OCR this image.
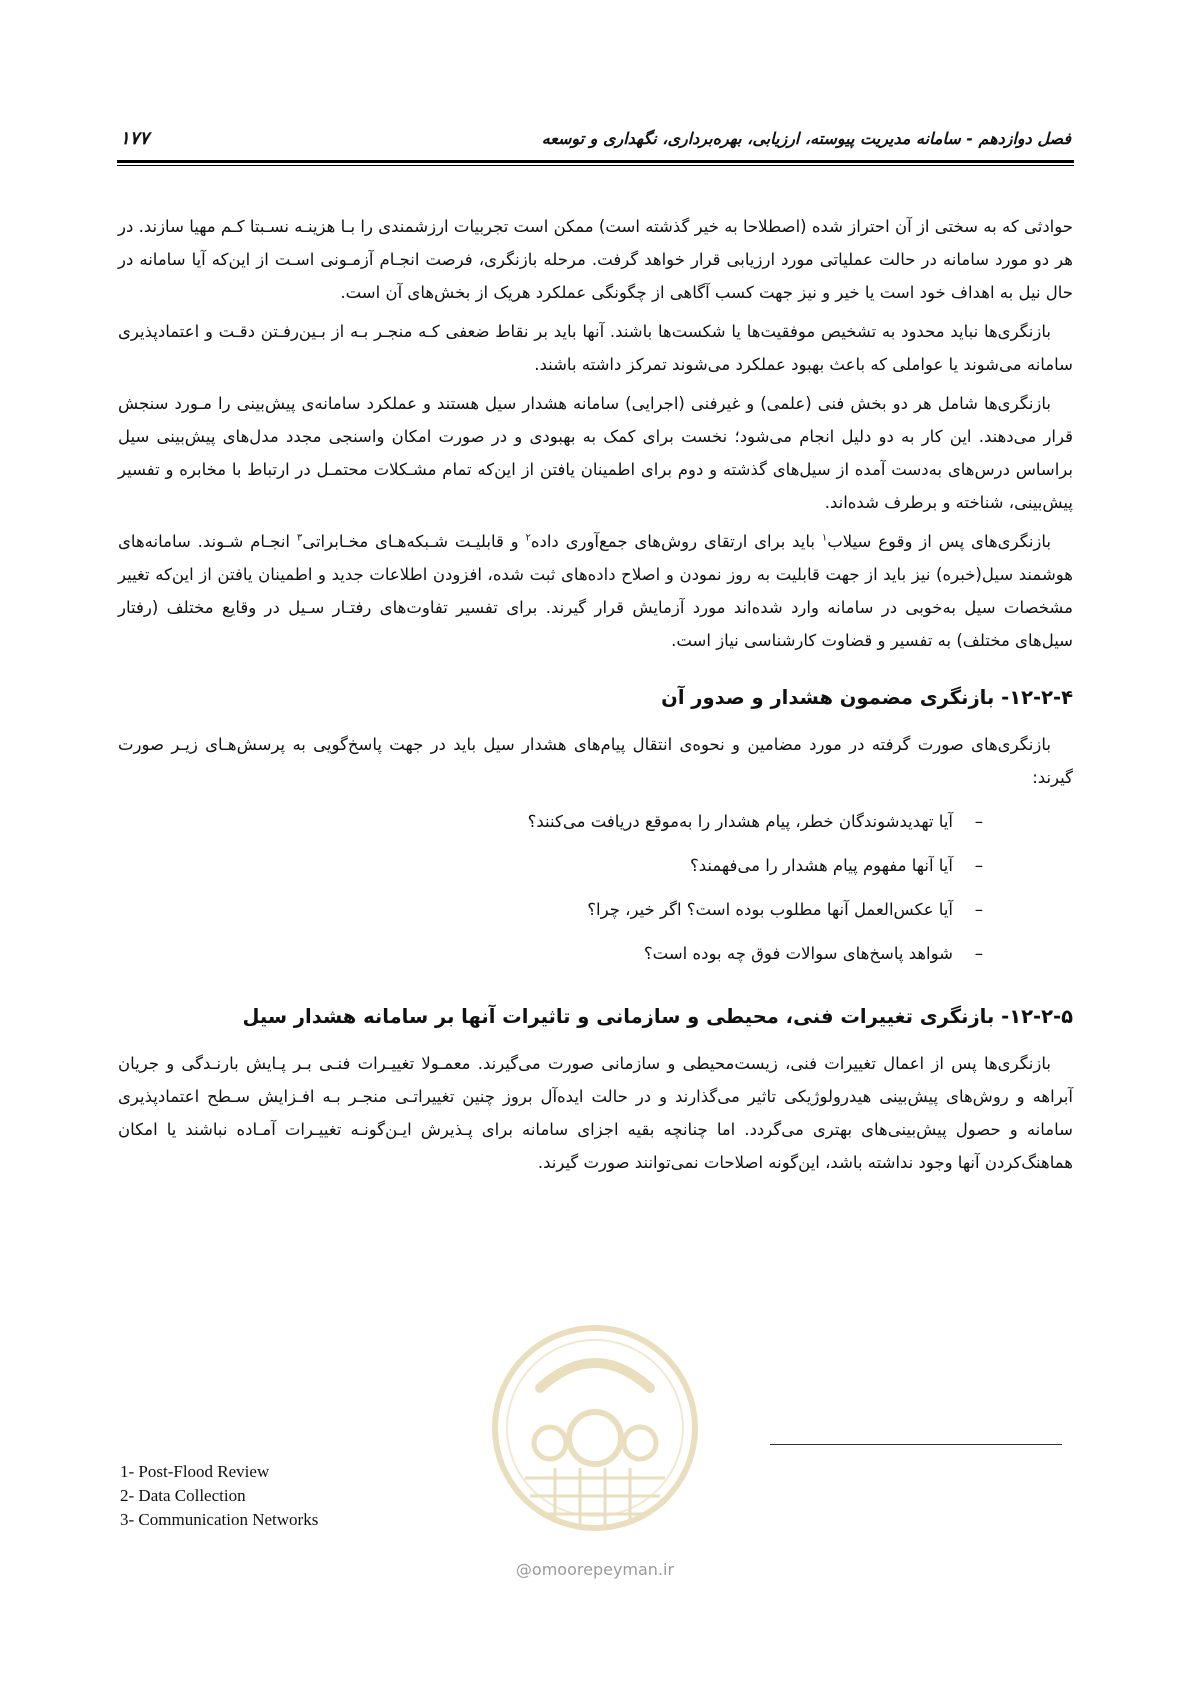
فصل دوازدهم - سامانه مدیریت پیوسته، ارزیابی، بهره‌برداری، نگهداری و توسعه
۱۷۷

حوادثی که به سختی از آن احتراز شده (اصطلاحا به خیر گذشته است) ممکن است تجربیات ارزشمندی را بـا هزینـه نسـبتا کـم مهیا سازند. در هر دو مورد سامانه در حالت عملیاتی مورد ارزیابی قرار خواهد گرفت. مرحله بازنگری، فرصت انجـام آزمـونی اسـت از این‌که آیا سامانه در حال نیل به اهداف خود است یا خیر و نیز جهت کسب آگاهی از چگونگی عملکرد هریک از بخش‌های آن است.

بازنگری‌ها نباید محدود به تشخیص موفقیت‌ها یا شکست‌ها باشند. آنها باید بر نقاط ضعفی کـه منجـر بـه از بـین‌رفـتن دقـت و اعتمادپذیری سامانه می‌شوند یا عواملی که باعث بهبود عملکرد می‌شوند تمرکز داشته باشند.

بازنگری‌ها شامل هر دو بخش فنی (علمی) و غیرفنی (اجرایی) سامانه هشدار سیل هستند و عملکرد سامانه‌ی پیش‌بینی را مـورد سنجش قرار می‌دهند. این کار به دو دلیل انجام می‌شود؛ نخست برای کمک به بهبودی و در صورت امکان واسنجی مجدد مدل‌های پیش‌بینی سیل براساس درس‌های به‌دست آمده از سیل‌های گذشته و دوم برای اطمینان یافتن از این‌که تمام مشـکلات محتمـل در ارتباط با مخابره و تفسیر پیش‌بینی، شناخته و برطرف شده‌اند.

بازنگری‌های پس از وقوع سیلاب$^۱$ باید برای ارتقای روش‌های جمع‌آوری داده$^۲$ و قابلیـت شـبکه‌هـای مخـابراتی$^۳$ انجـام شـوند. سامانه‌های هوشمند سیل(خبره) نیز باید از جهت قابلیت به روز نمودن و اصلاح داده‌های ثبت شده، افزودن اطلاعات جدید و اطمینان یافتن از این‌که تغییر مشخصات سیل به‌خوبی در سامانه وارد شده‌اند مورد آزمایش قرار گیرند. برای تفسیر تفاوت‌های رفتـار سـیل در وقایع مختلف (رفتار سیل‌های مختلف) به تفسیر و قضاوت کارشناسی نیاز است.

۱۲-۲-۴- بازنگری مضمون هشدار و صدور آن

بازنگری‌های صورت گرفته در مورد مضامین و نحوه‌ی انتقال پیام‌های هشدار سیل باید در جهت پاسخ‌گویی به پرسش‌هـای زیـر صورت گیرند:

–
آیا تهدیدشوندگان خطر، پیام هشدار را به‌موقع دریافت می‌کنند؟
–
آیا آنها مفهوم پیام هشدار را می‌فهمند؟
–
آیا عکس‌العمل آنها مطلوب بوده است؟ اگر خیر، چرا؟
–
شواهد پاسخ‌های سوالات فوق چه بوده است؟
۱۲-۲-۵- بازنگری تغییرات فنی، محیطی و سازمانی و تاثیرات آنها بر سامانه هشدار سیل

بازنگری‌ها پس از اعمال تغییرات فنی، زیست‌محیطی و سازمانی صورت می‌گیرند. معمـولا تغییـرات فنـی بـر پـایش بارنـدگی و جریان آبراهه و روش‌های پیش‌بینی هیدرولوژیکی تاثیر می‌گذارند و در حالت ایده‌آل بروز چنین تغییراتـی منجـر بـه افـزایش سـطح اعتمادپذیری سامانه و حصول پیش‌بینی‌های بهتری می‌گردد. اما چنانچه بقیه اجزای سامانه برای پـذیرش ایـن‌گونـه تغییـرات آمـاده نباشند یا امکان هماهنگ‌کردن آنها وجود نداشته باشد، این‌گونه اصلاحات نمی‌توانند صورت گیرند.

@omoorepeyman.ir
1- Post-Flood Review
2- Data Collection
3- Communication Networks
